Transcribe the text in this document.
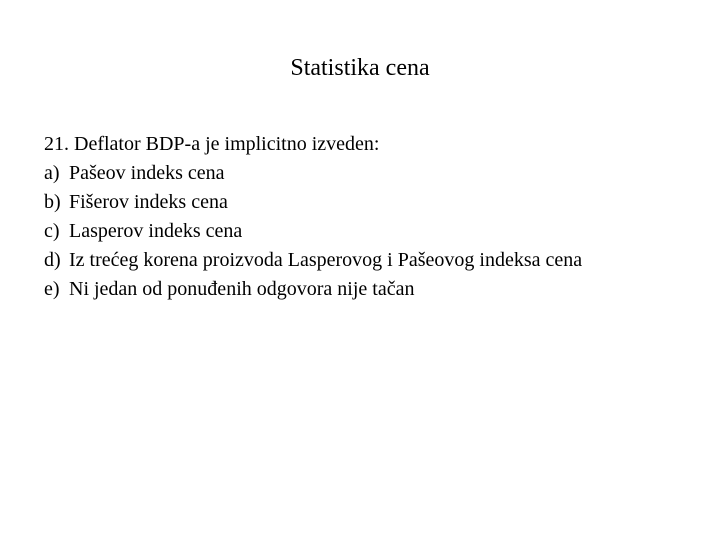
Statistika cena

21. Deflator BDP-a je implicitno izveden:

a) Pašeov indeks cena
b) Fišerov indeks cena
c) Lasperov indeks cena
d) Iz trećeg korena proizvoda Lasperovog i Pašeovog indeksa cena
e) Ni jedan od ponuđenih odgovora nije tačan
